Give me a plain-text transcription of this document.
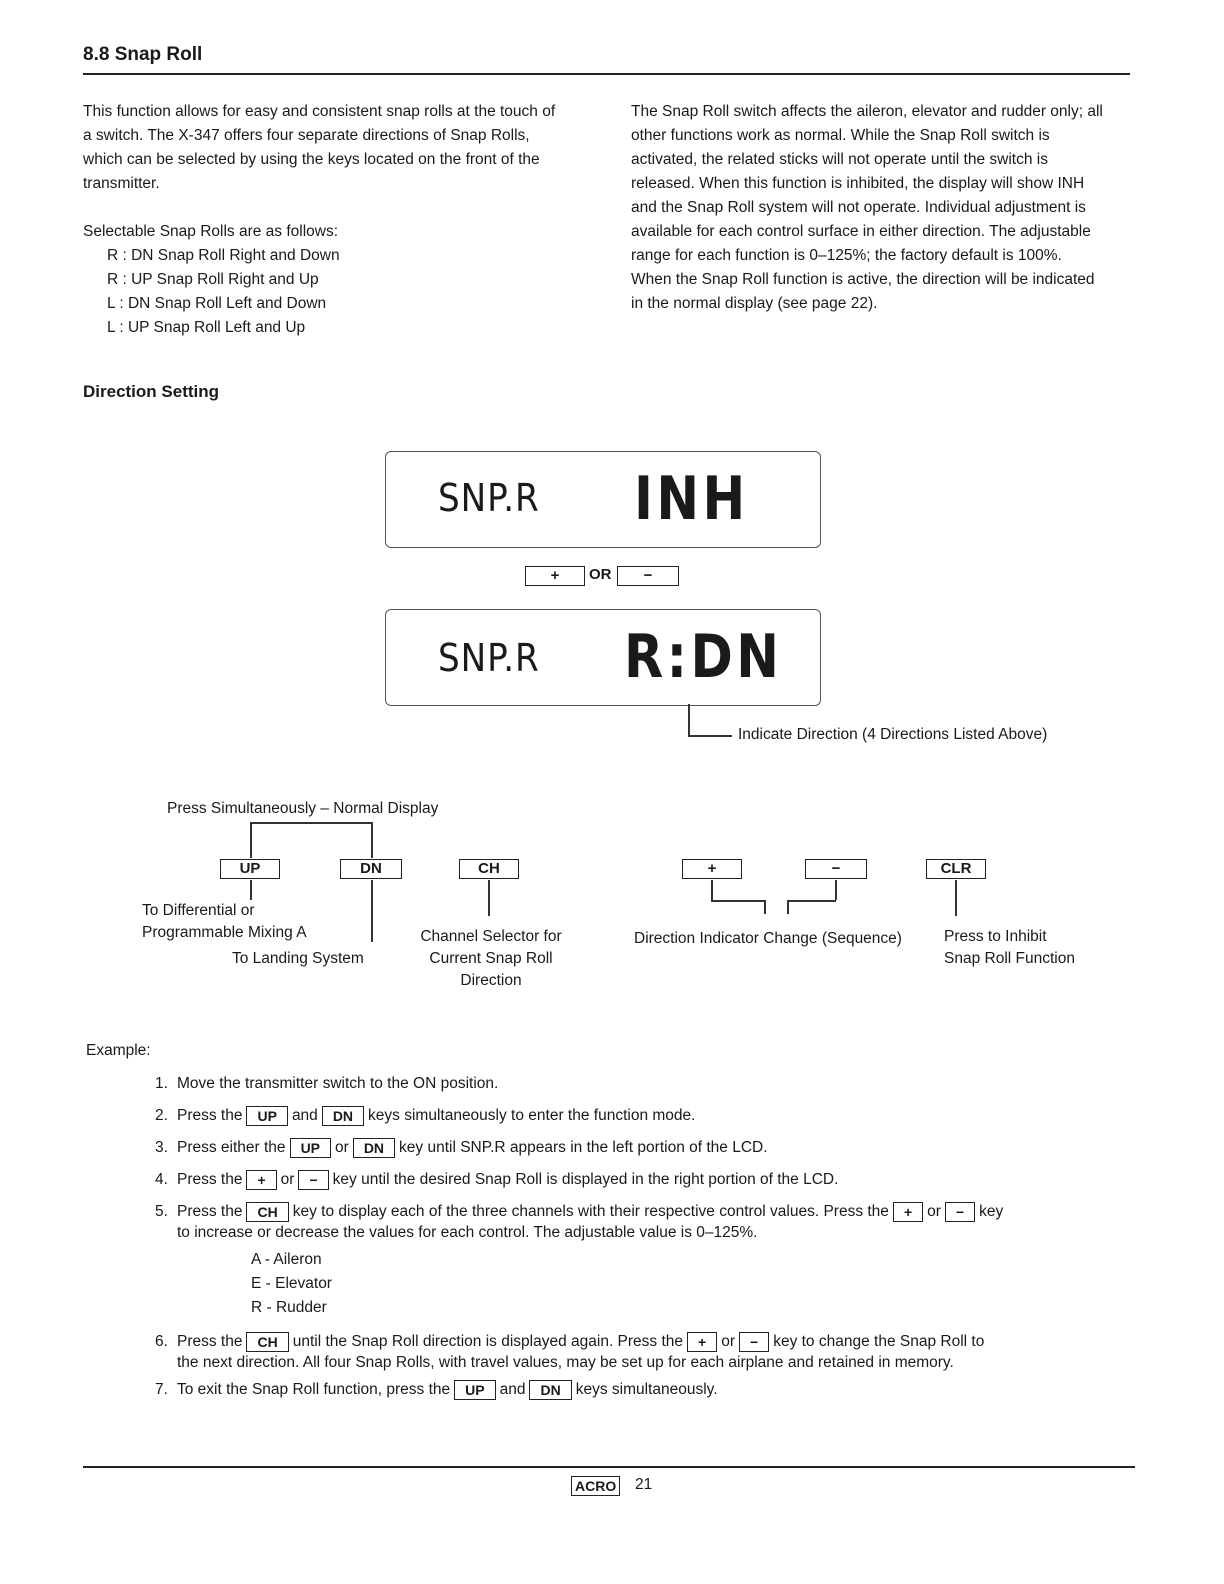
8.8 Snap Roll

This function allows for easy and consistent snap rolls at the touch of

a switch. The X-347 offers four separate directions of Snap Rolls,

which can be selected by using the keys located on the front of the

transmitter.

Selectable Snap Rolls are as follows:

R : DN Snap Roll Right and Down

R : UP Snap Roll Right and Up

L : DN Snap Roll Left and Down

L : UP Snap Roll Left and Up

The Snap Roll switch affects the aileron, elevator and rudder only; all

other functions work as normal. While the Snap Roll switch is

activated, the related sticks will not operate until the switch is

released. When this function is inhibited, the display will show INH

and the Snap Roll system will not operate. Individual adjustment is

available for each control surface in either direction. The adjustable

range for each function is 0–125%; the factory default is 100%.

When the Snap Roll function is active, the direction will be indicated

in the normal display (see page 22).

Direction Setting
SNP.R INH
+	OR	−
SNP.R R:DN
Indicate Direction (4 Directions Listed Above)
Press Simultaneously – Normal Display
UP	DN	CH	+	−	CLR
To Differential or
Programmable Mixing A
To Landing System
Channel Selector for
Current Snap Roll
Direction
Direction Indicator Change (Sequence)	Press to Inhibit
Snap Roll Function
Example:
1. Move the transmitter switch to the ON position.
2. Press the UP and DN keys simultaneously to enter the function mode.
3. Press either the UP or DN key until SNP.R appears in the left portion of the LCD.
4. Press the + or − key until the desired Snap Roll is displayed in the right portion of the LCD.
5. Press the CH key to display each of the three channels with their respective control values. Press the + or − key
to increase or decrease the values for each control. The adjustable value is 0–125%.
A - Aileron
E - Elevator
R - Rudder
6. Press the CH until the Snap Roll direction is displayed again. Press the + or − key to change the Snap Roll to
the next direction. All four Snap Rolls, with travel values, may be set up for each airplane and retained in memory.
7. To exit the Snap Roll function, press the UP and DN keys simultaneously.
ACRO 21
